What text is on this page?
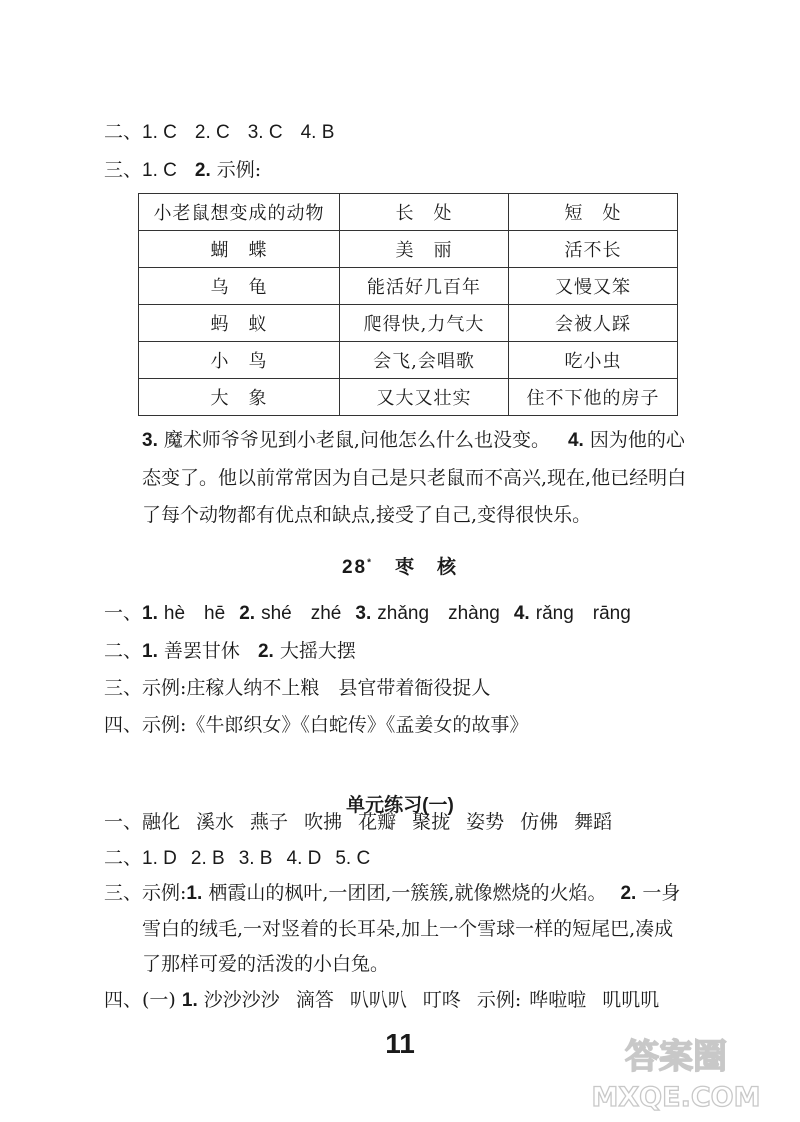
二、1. C 2. C 3. C 4. B
三、1. C 2. 示例:
小老鼠想变成的动物	长　处	短　处
蝴　蝶	美　丽	活不长
乌　龟	能活好几百年	又慢又笨
蚂　蚁	爬得快,力气大	会被人踩
小　鸟	会飞,会唱歌	吃小虫
大　象	又大又壮实	住不下他的房子
3. 魔术师爷爷见到小老鼠,问他怎么什么也没变。 4. 因为他的心
态变了。他以前常常因为自己是只老鼠而不高兴,现在,他已经明白
了每个动物都有优点和缺点,接受了自己,变得很快乐。
28* 枣　核
一、1. hè　hē 2. shé　zhé 3. zhǎng　zhàng 4. rǎng　rāng
二、1. 善罢甘休 2. 大摇大摆
三、示例:庄稼人纳不上粮　县官带着衙役捉人
四、示例:《牛郎织女》《白蛇传》《孟姜女的故事》
单元练习(一)
一、融化 溪水 燕子 吹拂 花瓣 聚拢 姿势 仿佛 舞蹈
二、1. D 2. B 3. B 4. D 5. C
三、示例:1. 栖霞山的枫叶,一团团,一簇簇,就像燃烧的火焰。 2. 一身
雪白的绒毛,一对竖着的长耳朵,加上一个雪球一样的短尾巴,凑成
了那样可爱的活泼的小白兔。
四、(一) 1. 沙沙沙沙 滴答 叭叭叭 叮咚 示例: 哗啦啦 叽叽叽
11	答案圈
MXQE.COM
